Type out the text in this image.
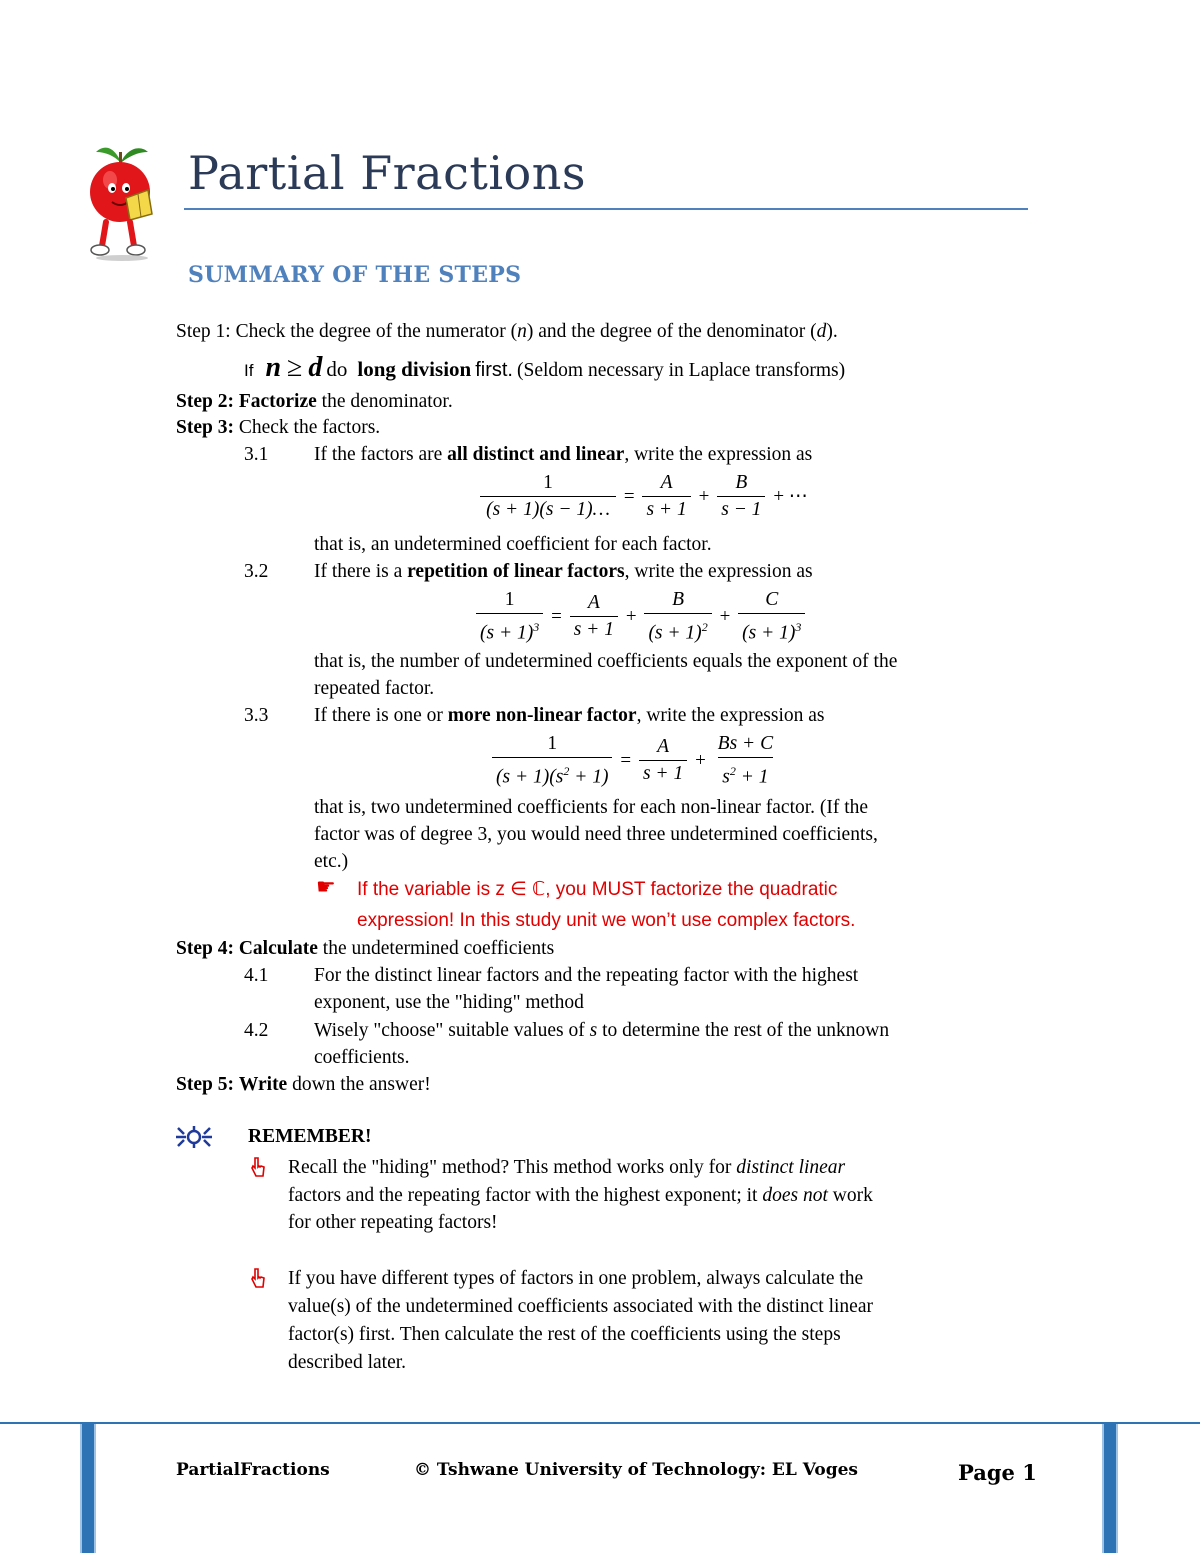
Partial Fractions
SUMMARY OF THE STEPS
Step 1: Check the degree of the numerator (n) and the degree of the denominator (d).
If n ≥ d do long division first. (Seldom necessary in Laplace transforms)
Step 2: Factorize the denominator.
Step 3: Check the factors.
3.1 If the factors are all distinct and linear, write the expression as
$\frac{1}{(s + 1)(s - 1)\dots} = \frac{A}{s + 1} + \frac{B}{s - 1}$ + ⋯
that is, an undetermined coefficient for each factor.
3.2 If there is a repetition of linear factors, write the expression as
$\frac{1}{(s + 1)^3} = \frac{A}{s + 1} + \frac{B}{(s + 1)^2} + \frac{C}{(s + 1)^3}$
that is, the number of undetermined coefficients equals the exponent of the
repeated factor.
3.3 If there is one or more non-linear factor, write the expression as
$\frac{1}{(s + 1)(s^2 + 1)} = \frac{A}{s + 1} + \frac{Bs + C}{s^2 + 1}$
that is, two undetermined coefficients for each non-linear factor. (If the
factor was of degree 3, you would need three undetermined coefficients,
etc.)
☛ If the variable is z ∈ ℂ, you MUST factorize the quadratic
expression! In this study unit we won’t use complex factors.
Step 4: Calculate the undetermined coefficients
4.1 For the distinct linear factors and the repeating factor with the highest
exponent, use the "hiding" method
4.2 Wisely "choose" suitable values of s to determine the rest of the unknown
coefficients.
Step 5: Write down the answer!
REMEMBER!
Recall the "hiding" method? This method works only for distinct linear
factors and the repeating factor with the highest exponent; it does not work
for other repeating factors!
If you have different types of factors in one problem, always calculate the
value(s) of the undetermined coefficients associated with the distinct linear
factor(s) first. Then calculate the rest of the coefficients using the steps
described later.
PartialFractions	© Tshwane University of Technology: EL Voges	Page 1
